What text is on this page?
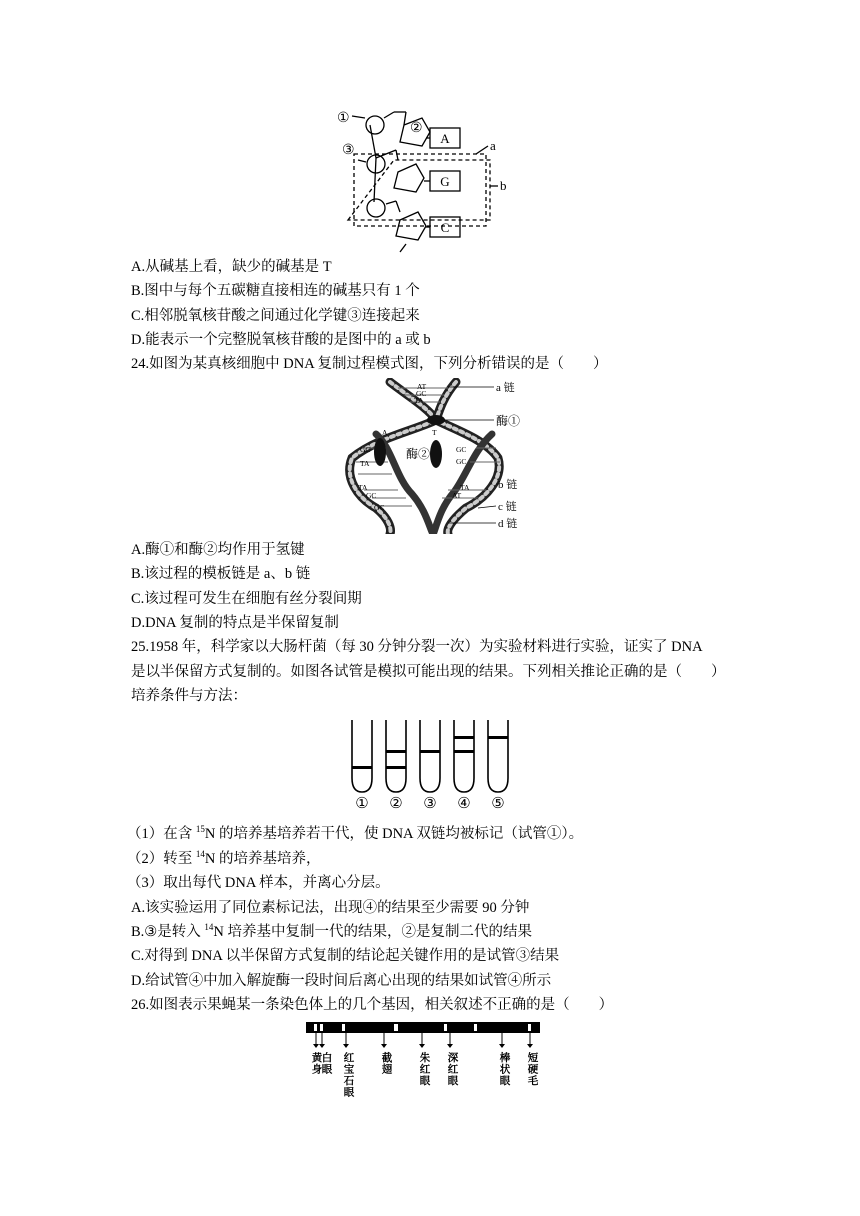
①
②
③	a
b
A
G
C
A.从碱基上看，缺少的碱基是 T
B.图中与每个五碳糖直接相连的碱基只有 1 个
C.相邻脱氧核苷酸之间通过化学键③连接起来
D.能表示一个完整脱氧核苷酸的是图中的 a 或 b
24.如图为某真核细胞中 DNA 复制过程模式图，下列分析错误的是（　　）
AT
GC
TA
A	T
GC
TA
GC
GC
TA
GC
TA
AT
GC
酶②
a 链
酶①
b 链
c 链
d 链
A.酶①和酶②均作用于氢键
B.该过程的模板链是 a、b 链
C.该过程可发生在细胞有丝分裂间期
D.DNA 复制的特点是半保留复制
25.1958 年，科学家以大肠杆菌（每 30 分钟分裂一次）为实验材料进行实验，证实了 DNA
是以半保留方式复制的。如图各试管是模拟可能出现的结果。下列相关推论正确的是（　　）
培养条件与方法：
① ② ③ ④ ⑤
（1）在含 $^{15}$N 的培养基培养若干代，使 DNA 双链均被标记（试管①）。
（2）转至 $^{14}$N 的培养基培养，
（3）取出每代 DNA 样本，并离心分层。
A.该实验运用了同位素标记法，出现④的结果至少需要 90 分钟
B.③是转入 $^{14}$N 培养基中复制一代的结果，②是复制二代的结果
C.对得到 DNA 以半保留方式复制的结论起关键作用的是试管③结果
D.给试管④中加入解旋酶一段时间后离心出现的结果如试管④所示
26.如图表示果蝇某一条染色体上的几个基因，相关叙述不正确的是（　　）
黄身 白眼 红宝石眼	截翅	朱红眼 深红眼	棒状眼 短硬毛
